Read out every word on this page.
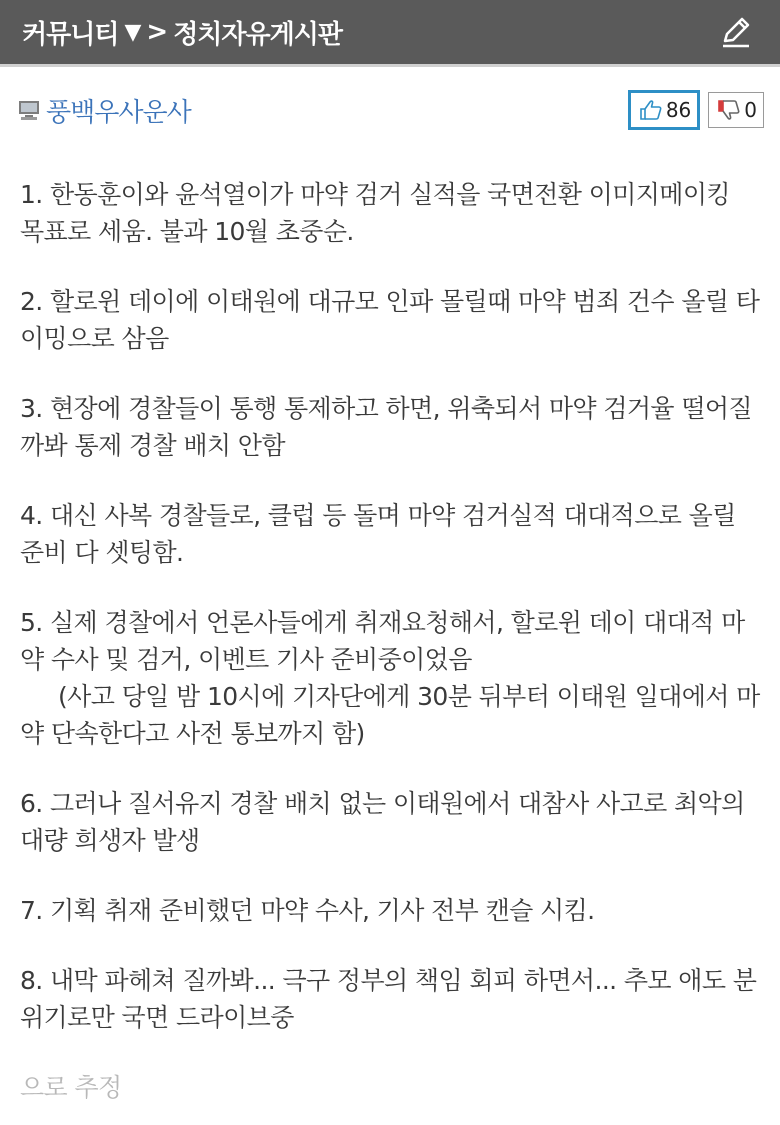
커뮤니티 ▼ > 정치자유게시판
풍백우사운사	86	0

1. 한동훈이와 윤석열이가 마약 검거 실적을 국면전환 이미지메이킹 목표로 세움. 불과 10월 초중순.

2. 할로윈 데이에 이태원에 대규모 인파 몰릴때 마약 범죄 건수 올릴 타이밍으로 삼음

3. 현장에 경찰들이 통행 통제하고 하면, 위축되서 마약 검거율 떨어질까봐 통제 경찰 배치 안함

4. 대신 사복 경찰들로, 클럽 등 돌며 마약 검거실적 대대적으로 올릴 준비 다 셋팅함.

5. 실제 경찰에서 언론사들에게 취재요청해서, 할로윈 데이 대대적 마약 수사 및 검거, 이벤트 기사 준비중이었음

(사고 당일 밤 10시에 기자단에게 30분 뒤부터 이태원 일대에서 마약 단속한다고 사전 통보까지 함)

6. 그러나 질서유지 경찰 배치 없는 이태원에서 대참사 사고로 최악의 대량 희생자 발생

7. 기획 취재 준비했던 마약 수사, 기사 전부 캔슬 시킴.

8. 내막 파헤쳐 질까봐... 극구 정부의 책임 회피 하면서... 추모 애도 분위기로만 국면 드라이브중

으로 추정
